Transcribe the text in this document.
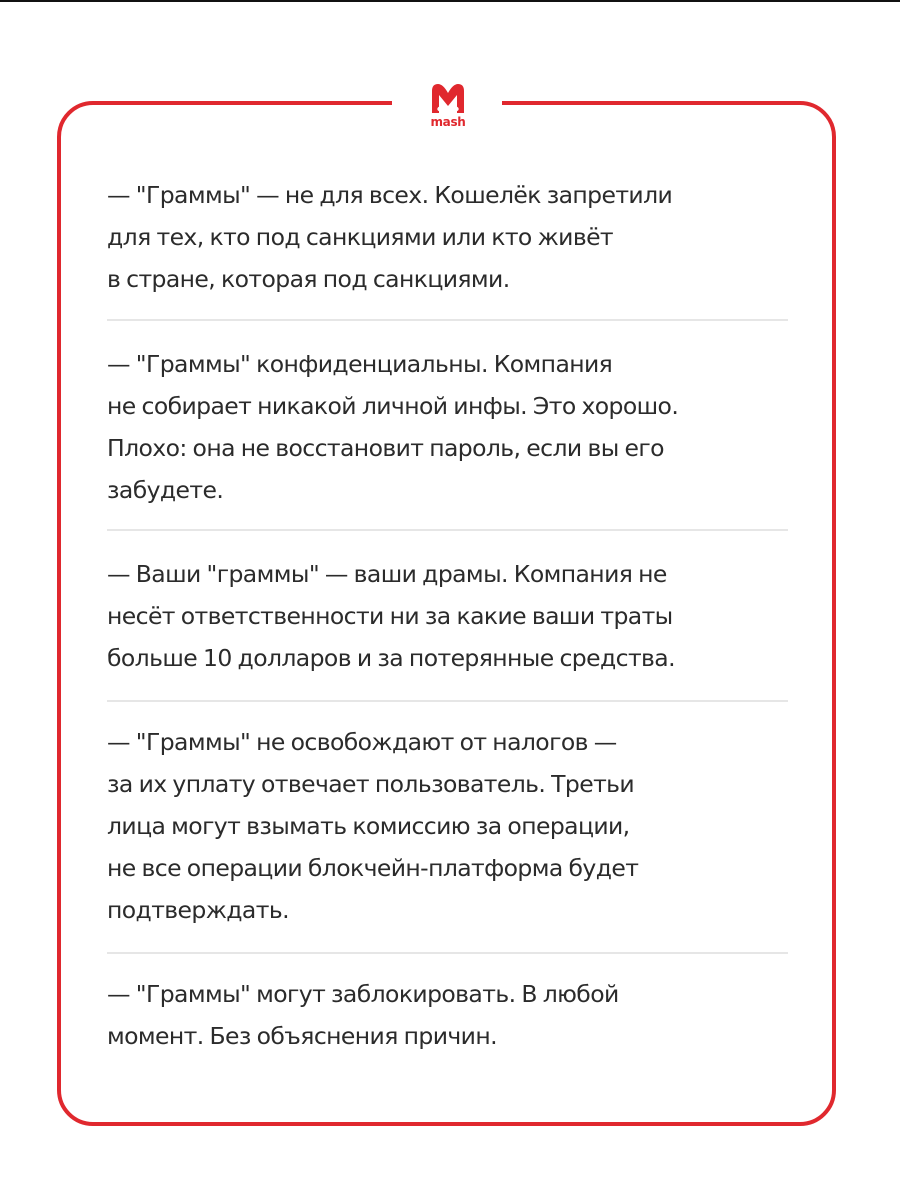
mash
— "Граммы" — не для всех. Кошелёк запретили
для тех, кто под санкциями или кто живёт
в стране, которая под санкциями.
— "Граммы" конфиденциальны. Компания
не собирает никакой личной инфы. Это хорошо.
Плохо: она не восстановит пароль, если вы его
забудете.
— Ваши "граммы" — ваши драмы. Компания не
несёт ответственности ни за какие ваши траты
больше 10 долларов и за потерянные средства.
— "Граммы" не освобождают от налогов —
за их уплату отвечает пользователь. Третьи
лица могут взымать комиссию за операции,
не все операции блокчейн-платформа будет
подтверждать.
— "Граммы" могут заблокировать. В любой
момент. Без объяснения причин.
